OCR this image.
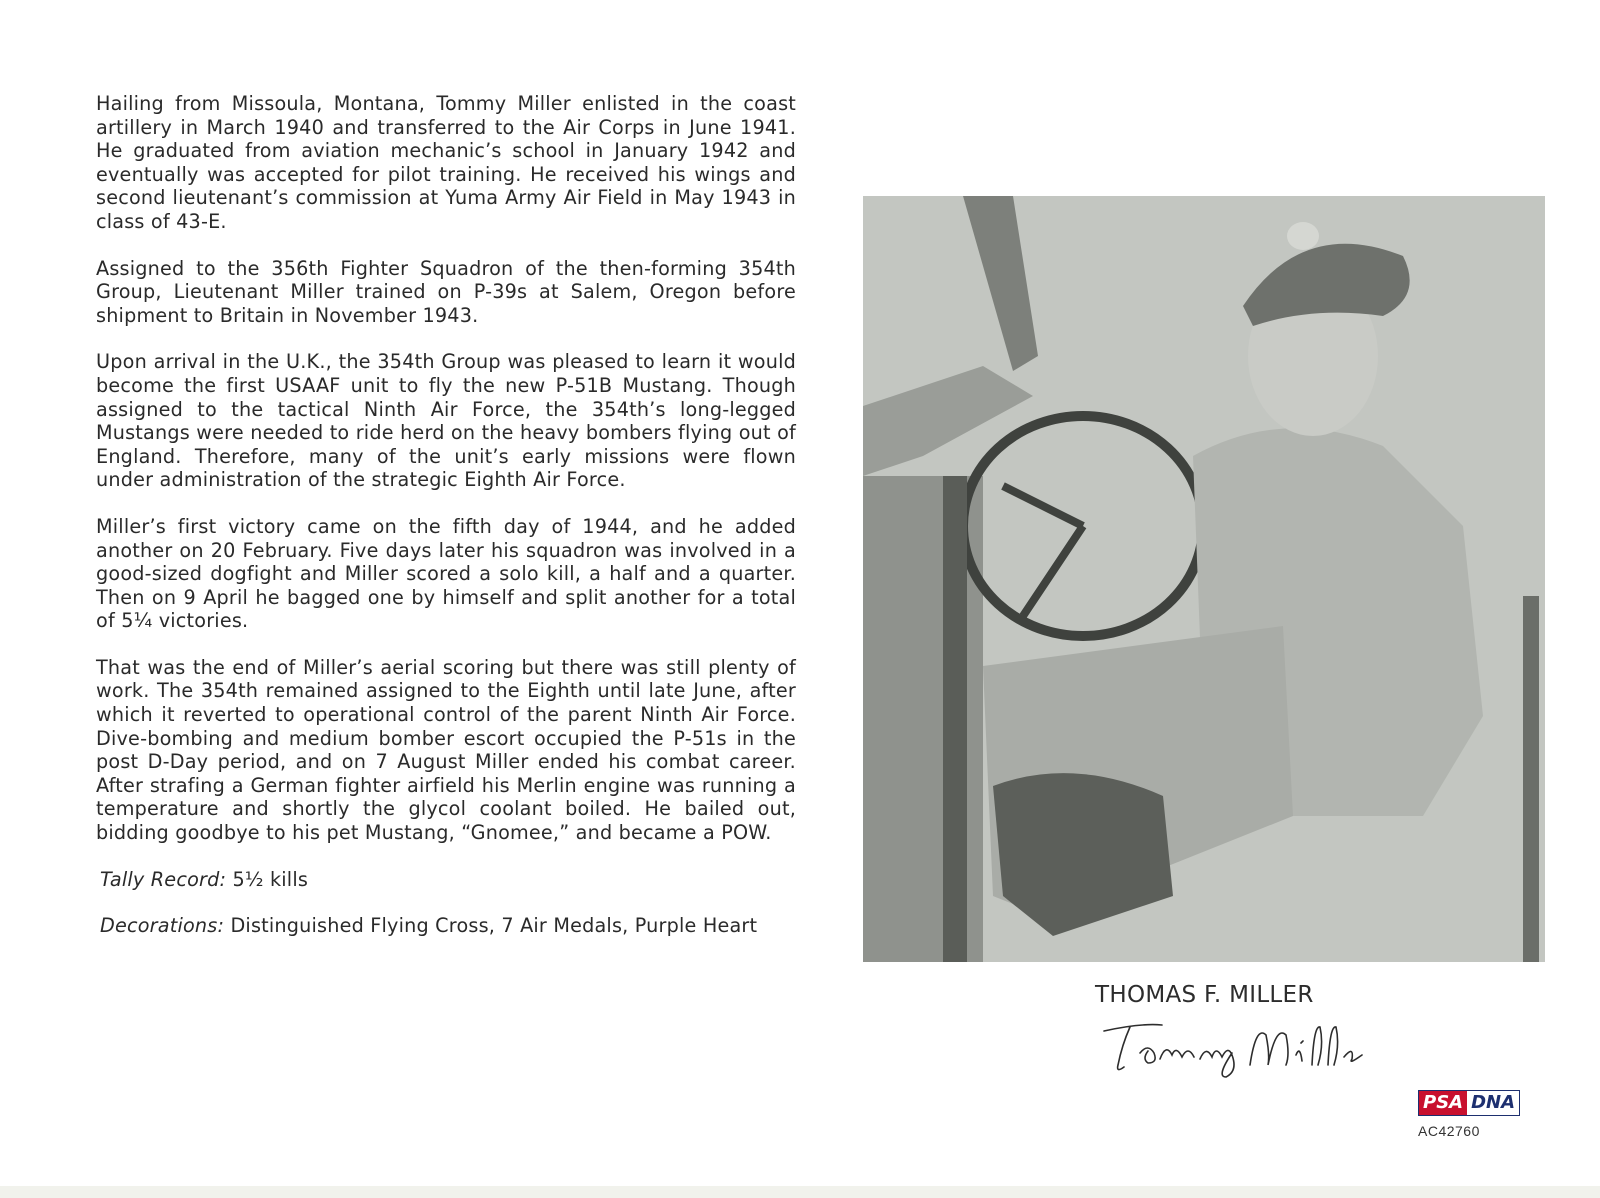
Hailing from Missoula, Montana, Tommy Miller enlisted in the coast artillery in March 1940 and transferred to the Air Corps in June 1941. He graduated from aviation mechanic’s school in January 1942 and eventually was accepted for pilot training. He received his wings and second lieutenant’s commission at Yuma Army Air Field in May 1943 in class of 43-E.

Assigned to the 356th Fighter Squadron of the then-forming 354th Group, Lieutenant Miller trained on P-39s at Salem, Oregon before shipment to Britain in November 1943.

Upon arrival in the U.K., the 354th Group was pleased to learn it would become the first USAAF unit to fly the new P-51B Mustang. Though assigned to the tactical Ninth Air Force, the 354th’s long-legged Mustangs were needed to ride herd on the heavy bombers flying out of England. Therefore, many of the unit’s early missions were flown under administration of the strategic Eighth Air Force.

Miller’s first victory came on the fifth day of 1944, and he added another on 20 February. Five days later his squadron was involved in a good-sized dogfight and Miller scored a solo kill, a half and a quarter. Then on 9 April he bagged one by himself and split another for a total of 5¼ victories.

That was the end of Miller’s aerial scoring but there was still plenty of work. The 354th remained assigned to the Eighth until late June, after which it reverted to operational control of the parent Ninth Air Force. Dive-bombing and medium bomber escort occupied the P-51s in the post D-Day period, and on 7 August Miller ended his combat career. After strafing a German fighter airfield his Merlin engine was running a temperature and shortly the glycol coolant boiled. He bailed out, bidding goodbye to his pet Mustang, “Gnomee,” and became a POW.

Tally Record: 5½ kills

Decorations: Distinguished Flying Cross, 7 Air Medals, Purple Heart

THOMAS F. MILLER
PSA DNA
AC42760
